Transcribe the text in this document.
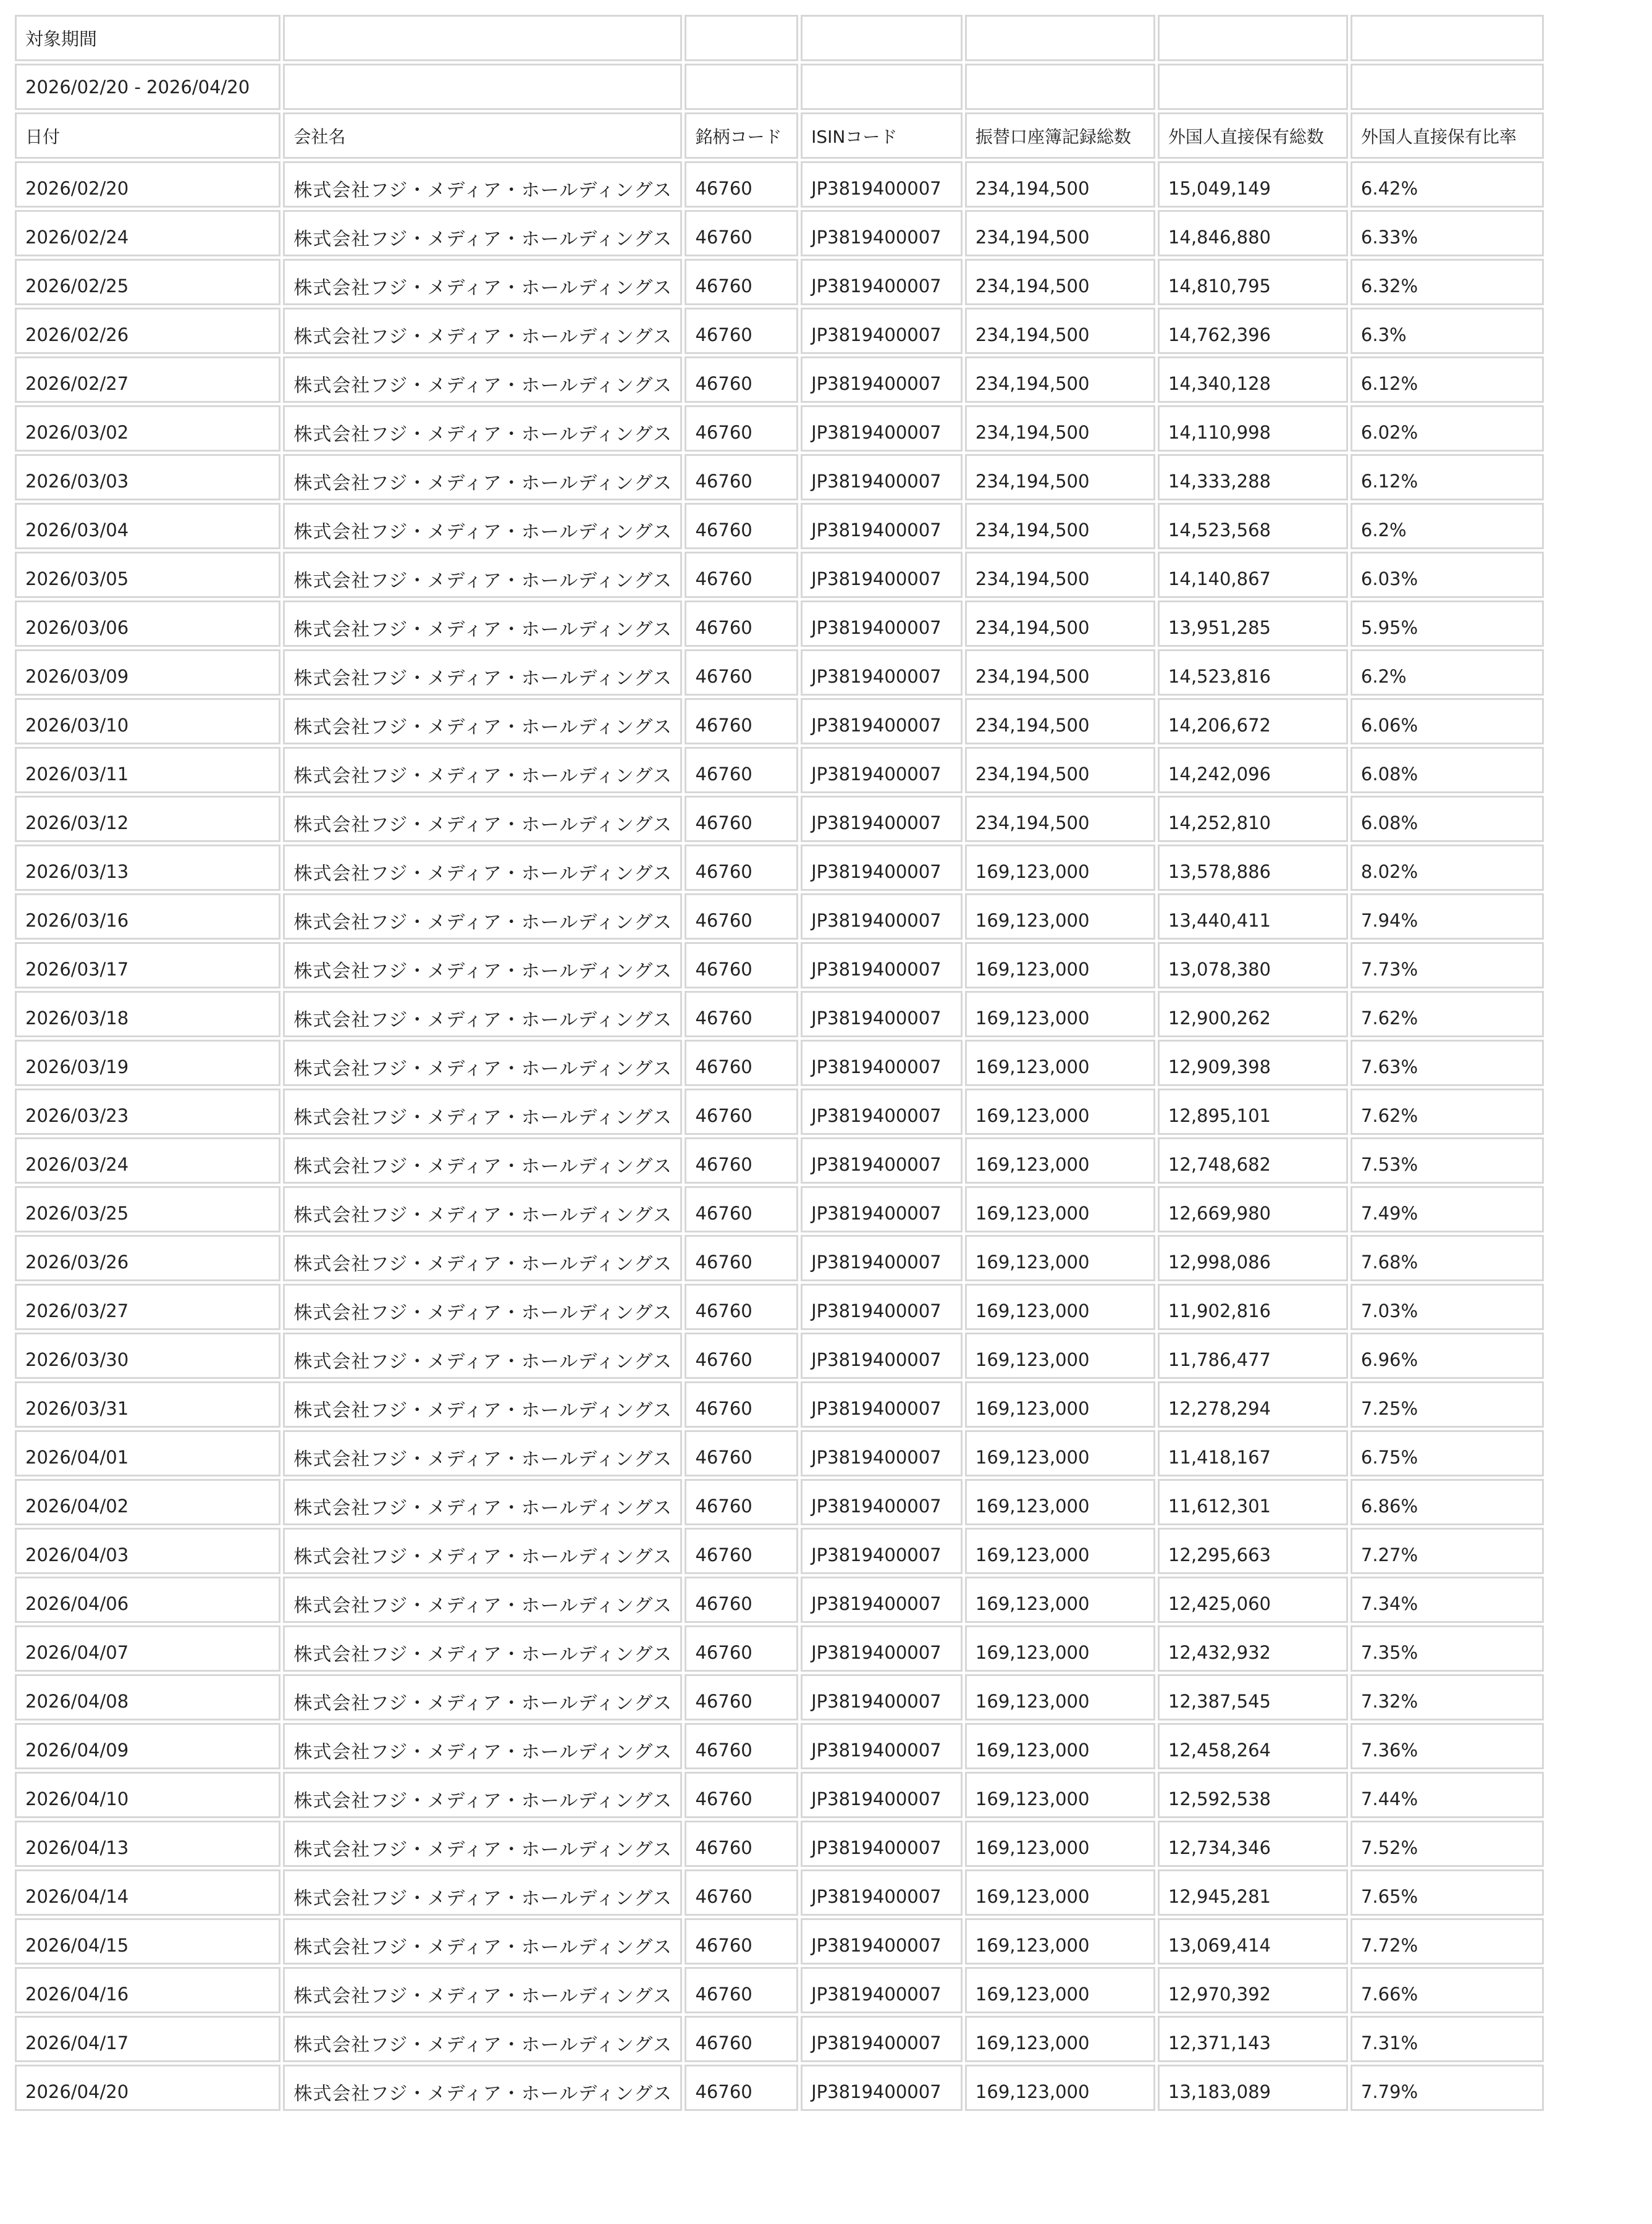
対象期間						
2026/02/20 - 2026/04/20						
日付	会社名	銘柄コード	ISINコード	振替口座簿記録総数	外国人直接保有総数	外国人直接保有比率
2026/02/20	株式会社フジ・メディア・ホールディングス	46760	JP3819400007	234,194,500	15,049,149	6.42%
2026/02/24	株式会社フジ・メディア・ホールディングス	46760	JP3819400007	234,194,500	14,846,880	6.33%
2026/02/25	株式会社フジ・メディア・ホールディングス	46760	JP3819400007	234,194,500	14,810,795	6.32%
2026/02/26	株式会社フジ・メディア・ホールディングス	46760	JP3819400007	234,194,500	14,762,396	6.3%
2026/02/27	株式会社フジ・メディア・ホールディングス	46760	JP3819400007	234,194,500	14,340,128	6.12%
2026/03/02	株式会社フジ・メディア・ホールディングス	46760	JP3819400007	234,194,500	14,110,998	6.02%
2026/03/03	株式会社フジ・メディア・ホールディングス	46760	JP3819400007	234,194,500	14,333,288	6.12%
2026/03/04	株式会社フジ・メディア・ホールディングス	46760	JP3819400007	234,194,500	14,523,568	6.2%
2026/03/05	株式会社フジ・メディア・ホールディングス	46760	JP3819400007	234,194,500	14,140,867	6.03%
2026/03/06	株式会社フジ・メディア・ホールディングス	46760	JP3819400007	234,194,500	13,951,285	5.95%
2026/03/09	株式会社フジ・メディア・ホールディングス	46760	JP3819400007	234,194,500	14,523,816	6.2%
2026/03/10	株式会社フジ・メディア・ホールディングス	46760	JP3819400007	234,194,500	14,206,672	6.06%
2026/03/11	株式会社フジ・メディア・ホールディングス	46760	JP3819400007	234,194,500	14,242,096	6.08%
2026/03/12	株式会社フジ・メディア・ホールディングス	46760	JP3819400007	234,194,500	14,252,810	6.08%
2026/03/13	株式会社フジ・メディア・ホールディングス	46760	JP3819400007	169,123,000	13,578,886	8.02%
2026/03/16	株式会社フジ・メディア・ホールディングス	46760	JP3819400007	169,123,000	13,440,411	7.94%
2026/03/17	株式会社フジ・メディア・ホールディングス	46760	JP3819400007	169,123,000	13,078,380	7.73%
2026/03/18	株式会社フジ・メディア・ホールディングス	46760	JP3819400007	169,123,000	12,900,262	7.62%
2026/03/19	株式会社フジ・メディア・ホールディングス	46760	JP3819400007	169,123,000	12,909,398	7.63%
2026/03/23	株式会社フジ・メディア・ホールディングス	46760	JP3819400007	169,123,000	12,895,101	7.62%
2026/03/24	株式会社フジ・メディア・ホールディングス	46760	JP3819400007	169,123,000	12,748,682	7.53%
2026/03/25	株式会社フジ・メディア・ホールディングス	46760	JP3819400007	169,123,000	12,669,980	7.49%
2026/03/26	株式会社フジ・メディア・ホールディングス	46760	JP3819400007	169,123,000	12,998,086	7.68%
2026/03/27	株式会社フジ・メディア・ホールディングス	46760	JP3819400007	169,123,000	11,902,816	7.03%
2026/03/30	株式会社フジ・メディア・ホールディングス	46760	JP3819400007	169,123,000	11,786,477	6.96%
2026/03/31	株式会社フジ・メディア・ホールディングス	46760	JP3819400007	169,123,000	12,278,294	7.25%
2026/04/01	株式会社フジ・メディア・ホールディングス	46760	JP3819400007	169,123,000	11,418,167	6.75%
2026/04/02	株式会社フジ・メディア・ホールディングス	46760	JP3819400007	169,123,000	11,612,301	6.86%
2026/04/03	株式会社フジ・メディア・ホールディングス	46760	JP3819400007	169,123,000	12,295,663	7.27%
2026/04/06	株式会社フジ・メディア・ホールディングス	46760	JP3819400007	169,123,000	12,425,060	7.34%
2026/04/07	株式会社フジ・メディア・ホールディングス	46760	JP3819400007	169,123,000	12,432,932	7.35%
2026/04/08	株式会社フジ・メディア・ホールディングス	46760	JP3819400007	169,123,000	12,387,545	7.32%
2026/04/09	株式会社フジ・メディア・ホールディングス	46760	JP3819400007	169,123,000	12,458,264	7.36%
2026/04/10	株式会社フジ・メディア・ホールディングス	46760	JP3819400007	169,123,000	12,592,538	7.44%
2026/04/13	株式会社フジ・メディア・ホールディングス	46760	JP3819400007	169,123,000	12,734,346	7.52%
2026/04/14	株式会社フジ・メディア・ホールディングス	46760	JP3819400007	169,123,000	12,945,281	7.65%
2026/04/15	株式会社フジ・メディア・ホールディングス	46760	JP3819400007	169,123,000	13,069,414	7.72%
2026/04/16	株式会社フジ・メディア・ホールディングス	46760	JP3819400007	169,123,000	12,970,392	7.66%
2026/04/17	株式会社フジ・メディア・ホールディングス	46760	JP3819400007	169,123,000	12,371,143	7.31%
2026/04/20	株式会社フジ・メディア・ホールディングス	46760	JP3819400007	169,123,000	13,183,089	7.79%
